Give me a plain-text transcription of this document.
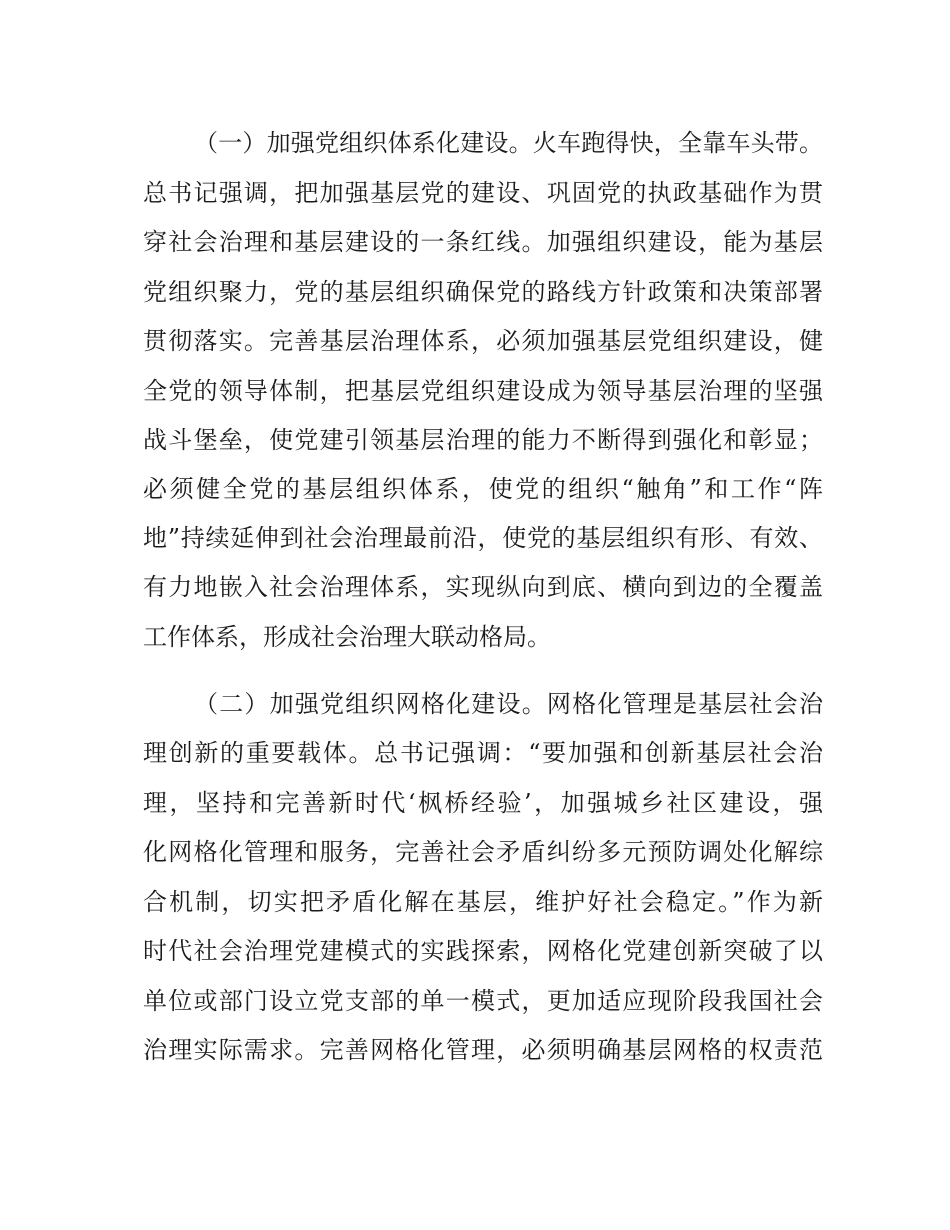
（一）加强党组织体系化建设。火车跑得快，全靠车头带。
总书记强调，把加强基层党的建设、巩固党的执政基础作为贯
穿社会治理和基层建设的一条红线。加强组织建设，能为基层
党组织聚力，党的基层组织确保党的路线方针政策和决策部署
贯彻落实。完善基层治理体系，必须加强基层党组织建设，健
全党的领导体制，把基层党组织建设成为领导基层治理的坚强
战斗堡垒，使党建引领基层治理的能力不断得到强化和彰显；
必须健全党的基层组织体系，使党的组织“触角”和工作“阵
地”持续延伸到社会治理最前沿，使党的基层组织有形、有效、
有力地嵌入社会治理体系，实现纵向到底、横向到边的全覆盖
工作体系，形成社会治理大联动格局。
（二）加强党组织网格化建设。网格化管理是基层社会治
理创新的重要载体。总书记强调：“要加强和创新基层社会治
理，坚持和完善新时代‘枫桥经验’，加强城乡社区建设，强
化网格化管理和服务，完善社会矛盾纠纷多元预防调处化解综
合机制，切实把矛盾化解在基层，维护好社会稳定。”作为新
时代社会治理党建模式的实践探索，网格化党建创新突破了以
单位或部门设立党支部的单一模式，更加适应现阶段我国社会
治理实际需求。完善网格化管理，必须明确基层网格的权责范
